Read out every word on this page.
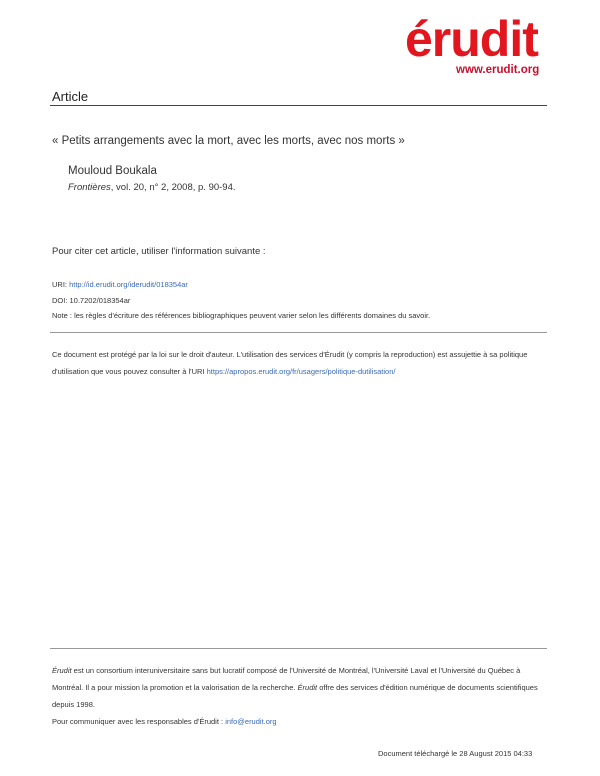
érudit
www.erudit.org
Article
« Petits arrangements avec la mort, avec les morts, avec nos morts »
Mouloud Boukala
Frontières, vol. 20, n° 2, 2008, p. 90-94.
Pour citer cet article, utiliser l'information suivante :
URI: http://id.erudit.org/iderudit/018354ar
DOI: 10.7202/018354ar
Note : les règles d'écriture des références bibliographiques peuvent varier selon les différents domaines du savoir.
Ce document est protégé par la loi sur le droit d'auteur. L'utilisation des services d'Érudit (y compris la reproduction) est assujettie à sa politique d'utilisation que vous pouvez consulter à l'URI https://apropos.erudit.org/fr/usagers/politique-dutilisation/

Érudit est un consortium interuniversitaire sans but lucratif composé de l'Université de Montréal, l'Université Laval et l'Université du Québec à Montréal. Il a pour mission la promotion et la valorisation de la recherche. Érudit offre des services d'édition numérique de documents scientifiques depuis 1998.

Pour communiquer avec les responsables d'Érudit : info@erudit.org

Document téléchargé le 28 August 2015 04:33
